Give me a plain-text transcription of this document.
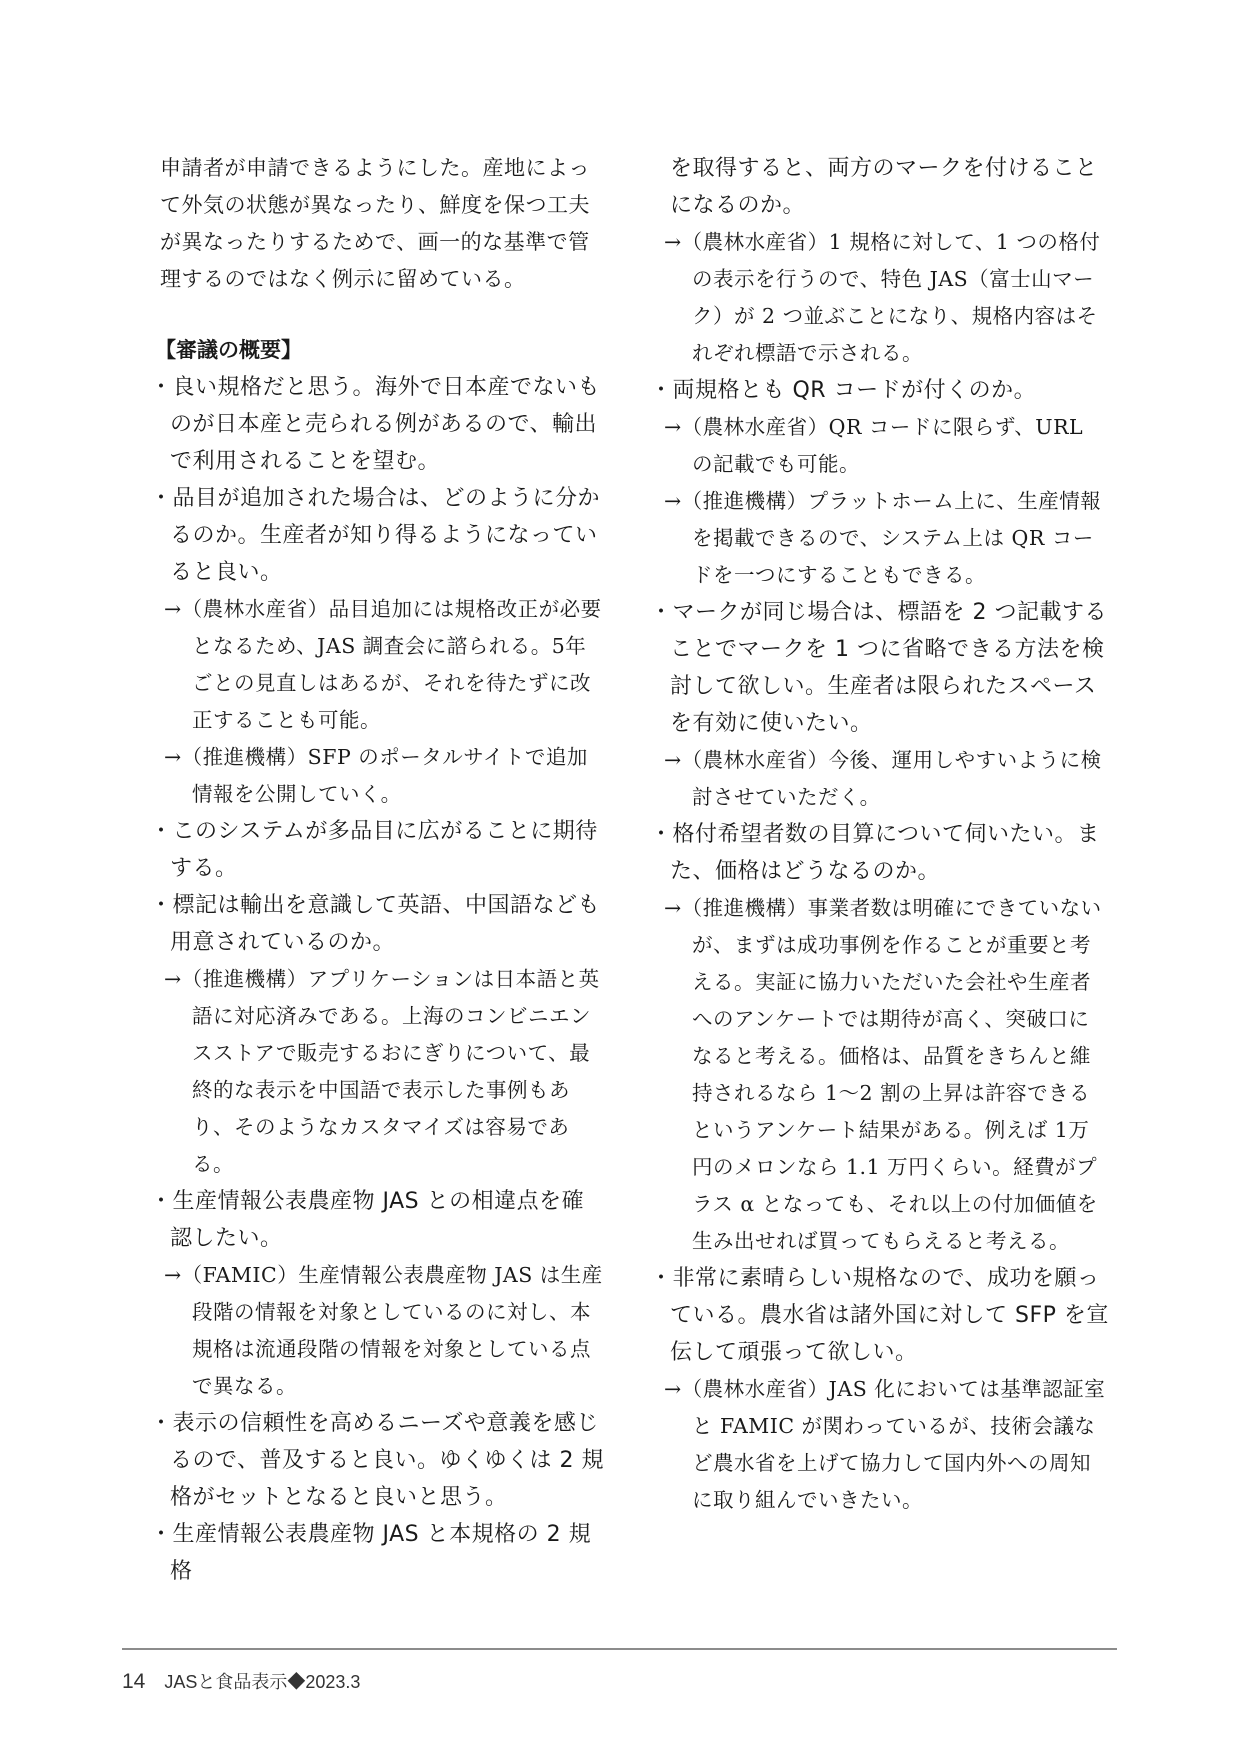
申請者が申請できるようにした。産地によって外気の状態が異なったり、鮮度を保つ工夫が異なったりするためで、画一的な基準で管理するのではなく例示に留めている。

【審議の概要】

・良い規格だと思う。海外で日本産でないものが日本産と売られる例があるので、輸出で利用されることを望む。

・品目が追加された場合は、どのように分かるのか。生産者が知り得るようになっていると良い。

→（農林水産省）品目追加には規格改正が必要となるため、JAS 調査会に諮られる。5年ごとの見直しはあるが、それを待たずに改正することも可能。

→（推進機構）SFP のポータルサイトで追加情報を公開していく。

・このシステムが多品目に広がることに期待する。

・標記は輸出を意識して英語、中国語なども用意されているのか。

→（推進機構）アプリケーションは日本語と英語に対応済みである。上海のコンビニエンスストアで販売するおにぎりについて、最終的な表示を中国語で表示した事例もあり、そのようなカスタマイズは容易である。

・生産情報公表農産物 JAS との相違点を確認したい。

→（FAMIC）生産情報公表農産物 JAS は生産段階の情報を対象としているのに対し、本規格は流通段階の情報を対象としている点で異なる。

・表示の信頼性を高めるニーズや意義を感じるので、普及すると良い。ゆくゆくは 2 規格がセットとなると良いと思う。

・生産情報公表農産物 JAS と本規格の 2 規格

を取得すると、両方のマークを付けることになるのか。

→（農林水産省）1 規格に対して、1 つの格付の表示を行うので、特色 JAS（富士山マーク）が 2 つ並ぶことになり、規格内容はそれぞれ標語で示される。

・両規格とも QR コードが付くのか。

→（農林水産省）QR コードに限らず、URL の記載でも可能。

→（推進機構）プラットホーム上に、生産情報を掲載できるので、システム上は QR コードを一つにすることもできる。

・マークが同じ場合は、標語を 2 つ記載することでマークを 1 つに省略できる方法を検討して欲しい。生産者は限られたスペースを有効に使いたい。

→（農林水産省）今後、運用しやすいように検討させていただく。

・格付希望者数の目算について伺いたい。また、価格はどうなるのか。

→（推進機構）事業者数は明確にできていないが、まずは成功事例を作ることが重要と考える。実証に協力いただいた会社や生産者へのアンケートでは期待が高く、突破口になると考える。価格は、品質をきちんと維持されるなら 1～2 割の上昇は許容できるというアンケート結果がある。例えば 1万円のメロンなら 1.1 万円くらい。経費がプラス α となっても、それ以上の付加価値を生み出せれば買ってもらえると考える。

・非常に素晴らしい規格なので、成功を願っている。農水省は諸外国に対して SFP を宣伝して頑張って欲しい。

→（農林水産省）JAS 化においては基準認証室と FAMIC が関わっているが、技術会議など農水省を上げて協力して国内外への周知に取り組んでいきたい。

14 JASと食品表示◆2023.3
